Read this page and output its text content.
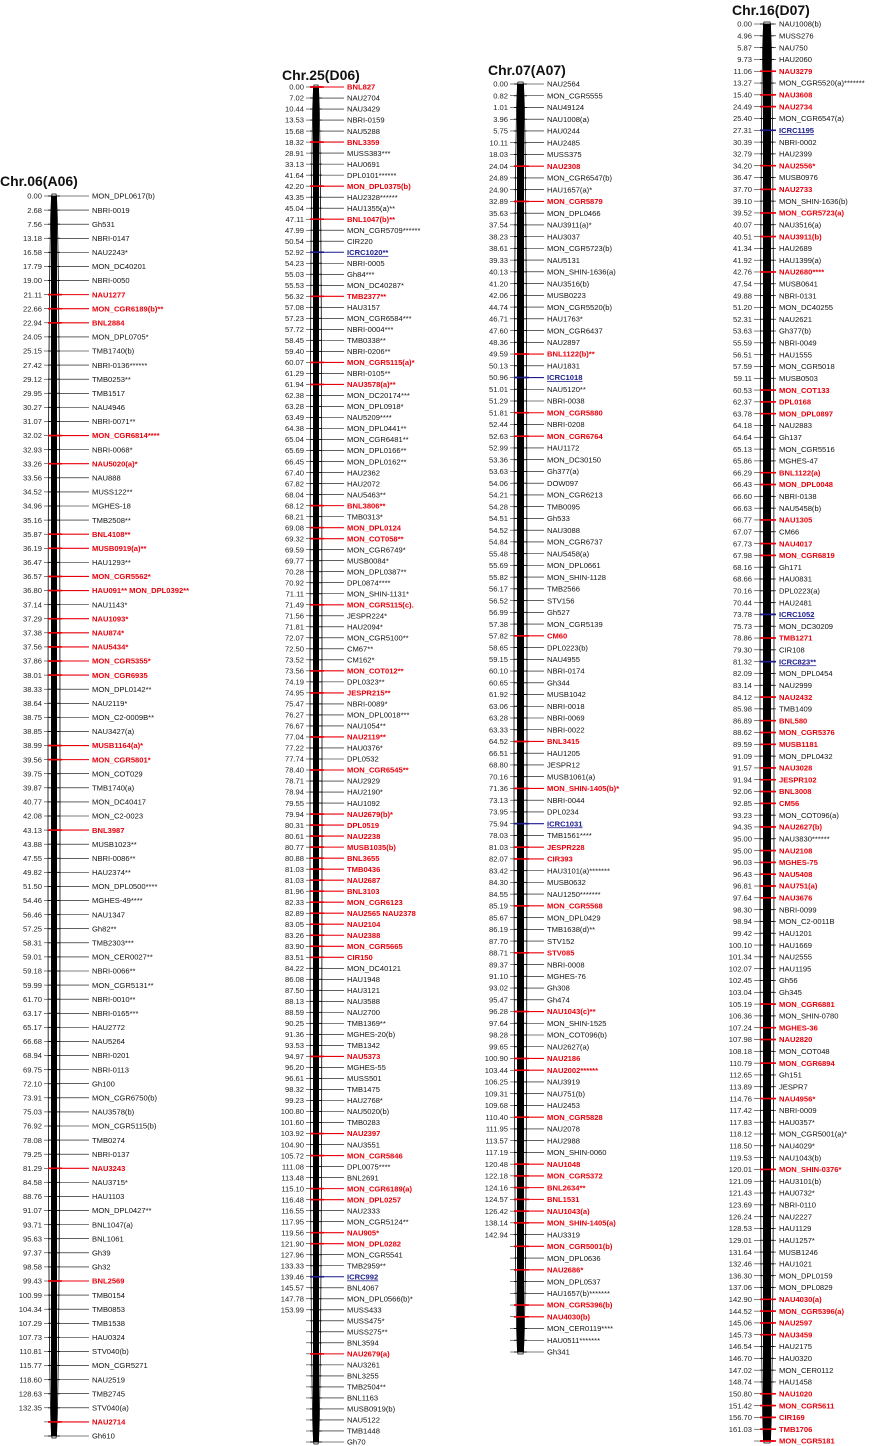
Chr.06(A06)
0.00	MON_DPL0617(b)
2.68	NBRI-0019
7.56	Gh531
13.18	NBRI-0147
16.58	NAU2243*
17.79	MON_DC40201
19.00	NBRI-0050
21.11	NAU1277
22.66	MON_CGR6189(b)**
22.94	BNL2884
24.05	MON_DPL0705*
25.15	TMB1740(b)
27.42	NBRI-0136******
29.12	TMB0253**
29.95	TMB1517
30.27	NAU4946
31.07	NBRI-0071**
32.02	MON_CGR6814****
32.93	NBRI-0068*
33.26	NAU5020(a)*
33.56	NAU888
34.52	MUSS122**
34.96	MGHES-18
35.16	TMB2508**
35.87	BNL4108**
36.19	MUSB0919(a)**
36.47	HAU1293**
36.57	MON_CGR5562*
36.80	HAU091** MON_DPL0392**
37.14	NAU1143*
37.29	NAU1093*
37.38	NAU874*
37.56	NAU5434*
37.86	MON_CGR5355*
38.01	MON_CGR6935
38.33	MON_DPL0142**
38.64	NAU2119*
38.75	MON_C2-0009B**
38.85	NAU3427(a)
38.99	MUSB1164(a)*
39.56	MON_CGR5801*
39.75	MON_COT029
39.87	TMB1740(a)
40.77	MON_DC40417
42.08	MON_C2-0023
43.13	BNL3987
43.88	MUSB1023**
47.55	NBRI-0086**
49.82	HAU2374**
51.50	MON_DPL0500****
54.46	MGHES-49****
56.46	NAU1347
57.25	Gh82**
58.31	TMB2303***
59.01	MON_CER0027**
59.18	NBRI-0066**
59.99	MON_CGR5131**
61.70	NBRI-0010**
63.17	NBRI-0165***
65.17	HAU2772
66.68	NAU5264
68.94	NBRI-0201
69.75	NBRI-0113
72.10	Gh100
73.91	MON_CGR6750(b)
75.03	NAU3578(b)
76.92	MON_CGR5115(b)
78.08	TMB0274
79.25	NBRI-0137
81.29	NAU3243
84.58	NAU3715*
88.76	HAU1103
91.07	MON_DPL0427**
93.71	BNL1047(a)
95.63	BNL1061
97.37	Gh39
98.58	Gh32
99.43	BNL2569
100.99	TMB0154
104.34	TMB0853
107.29	TMB1538
107.73	HAU0324
110.81	STV040(b)
115.77	MON_CGR5271
118.60	NAU2519
128.63	TMB2745
132.35	STV040(a)
NAU2714
Gh610
Chr.25(D06)
0.00	BNL827
7.02	NAU2704
10.44	NAU3429
13.53	NBRI-0159
15.68	NAU5288
18.32	BNL3359
28.91	MUSS383***
33.13	HAU0691
41.64	DPL0101******
42.20	MON_DPL0375(b)
43.35	HAU2328******
45.04	HAU1355(a)**
47.11	BNL1047(b)**
47.99	MON_CGR5709******
50.54	CIR220
52.92	ICRC1020**
54.23	NBRI-0005
55.03	Gh84***
55.53	MON_DC40287*
56.32	TMB2377**
57.08	HAU3157
57.23	MON_CGR6584***
57.72	NBRI-0004***
58.45	TMB0338**
59.40	NBRI-0206**
60.07	MON_CGR5115(a)*
61.29	NBRI-0105**
61.94	NAU3578(a)**
62.38	MON_DC20174***
63.28	MON_DPL0918*
63.49	NAU5209****
64.38	MON_DPL0441**
65.04	MON_CGR6481**
65.69	MON_DPL0166**
66.45	MON_DPL0162**
67.40	HAU2362
67.82	HAU2072
68.04	NAU5463**
68.12	BNL3806**
68.21	TMB0313*
69.08	MON_DPL0124
69.32	MON_COT058**
69.59	MON_CGR6749*
69.77	MUSB0084*
70.28	MON_DPL0387**
70.92	DPL0874****
71.11	MON_SHIN-1131*
71.49	MON_CGR5115(c).
71.56	JESPR224*
71.81	HAU2094*
72.07	MON_CGR5100**
72.50	CM67**
73.52	CM162*
73.56	MON_COT012**
74.19	DPL0323**
74.95	JESPR215**
75.47	NBRI-0089*
76.27	MON_DPL0018***
76.67	NAU1054**
77.04	NAU2119**
77.22	HAU0376*
77.74	DPL0532
78.40	MON_CGR6545**
78.71	NAU2929
78.94	HAU2190*
79.55	HAU1092
79.94	NAU2679(b)*
80.31	DPL0519
80.61	NAU2238
80.77	MUSB1035(b)
80.88	BNL3655
81.03	TMB0436
81.03	NAU2687
81.96	BNL3103
82.33	MON_CGR6123
82.89	NAU2565 NAU2378
83.05	NAU2104
83.26	NAU2388
83.90	MON_CGR5665
83.51	CIR150
84.22	MON_DC40121
86.08	HAU1948
87.50	HAU3121
88.13	NAU3588
88.59	NAU2700
90.25	TMB1369**
91.36	MGHES-20(b)
93.53	TMB1342
94.97	NAU5373
96.20	MGHES-55
96.61	MUSS501
98.32	TMB1475
99.23	HAU2768*
100.80	NAU5020(b)
101.60	TMB0283
103.92	NAU2397
104.90	NAU3551
105.72	MON_CGR5846
111.08	DPL0075****
113.48	BNL2691
115.10	MON_CGR6189(a)
116.48	MON_DPL0257
116.55	NAU2333
117.95	MON_CGR5124**
119.56	NAU905*
121.90	MON_DPL0282
127.96	MON_CGR5541
133.33	TMB2959**
139.46	ICRC992
145.57	BNL4067
147.78	MON_DPL0566(b)*
153.99	MUSS433
MUSS475*
MUSS275**
BNL3594
NAU2679(a)
NAU3261
BNL3255
TMB2504**
BNL1163
MUSB0919(b)
NAU5122
TMB1448
Gh70
Chr.07(A07)
0.00	NAU2564
0.82	MON_CGR5555
1.01	NAU49124
3.96	NAU1008(a)
5.75	HAU0244
10.11	HAU2485
18.03	MUSS375
24.04	NAU2308
24.89	MON_CGR6547(b)
24.90	HAU1657(a)*
32.89	MON_CGR5879
35.63	MON_DPL0466
37.54	NAU3911(a)*
38.23	HAU3037
38.61	MON_CGR5723(b)
39.33	NAU5131
40.13	MON_SHIN-1636(a)
41.20	NAU3516(b)
42.06	MUSB0223
44.74	MON_CGR5520(b)
46.71	HAU1763*
47.60	MON_CGR6437
48.36	NAU2897
49.59	BNL1122(b)**
50.13	HAU1831
50.96	ICRC1018
51.01	NAU5120**
51.29	NBRI-0038
51.81	MON_CGR5880
52.44	NBRI-0208
52.63	MON_CGR6764
52.99	HAU1172
53.36	MON_DC30150
53.63	Gh377(a)
54.06	DOW097
54.21	MON_CGR6213
54.28	TMB0095
54.51	Gh533
54.52	NAU3088
54.84	MON_CGR6737
55.48	NAU5458(a)
55.69	MON_DPL0661
55.82	MON_SHIN-1128
56.17	TMB2566
56.52	STV156
56.99	Gh527
57.38	MON_CGR5139
57.82	CM60
58.65	DPL0223(b)
59.15	NAU4955
60.10	NBRI-0174
60.65	Gh344
61.92	MUSB1042
63.06	NBRI-0018
63.28	NBRI-0069
63.33	NBRI-0022
64.52	BNL3415
66.51	HAU1205
68.80	JESPR12
70.16	MUSB1061(a)
71.36	MON_SHIN-1405(b)*
73.13	NBRI-0044
73.95	DPL0234
75.94	ICRC1031
78.03	TMB1561****
81.03	JESPR228
82.07	CIR393
83.42	HAU3101(a)*******
84.30	MUSB0632
84.55	NAU1250*******
85.19	MON_CGR5568
85.67	MON_DPL0429
86.19	TMB1638(d)**
87.70	STV152
88.71	STV085
89.37	NBRI-0008
91.10	MGHES-76
93.02	Gh308
95.47	Gh474
96.28	NAU1043(c)**
97.64	MON_SHIN-1525
98.28	MON_COT096(b)
99.65	NAU2627(a)
100.90	NAU2186
103.44	NAU2002******
106.25	NAU3919
109.31	NAU751(b)
109.68	HAU2453
110.40	MON_CGR5828
111.95	NAU2078
113.57	HAU2988
117.19	MON_SHIN-0060
120.48	NAU1048
122.18	MON_CGR5372
124.16	BNL2634**
124.57	BNL1531
126.42	NAU1043(a)
138.14	MON_SHIN-1405(a)
142.94	HAU3319
MON_CGR5001(b)
MON_DPL0636
NAU2686*
MON_DPL0537
HAU1657(b)*******
MON_CGR5396(b)
NAU4030(b)
MON_CER0119****
HAU0511*******
Gh341
Chr.16(D07)
0.00	NAU1008(b)
4.96	MUSS276
5.87	NAU750
9.73	HAU2060
11.06	NAU3279
13.27	MON_CGR5520(a)*******
15.40	NAU3608
24.49	NAU2734
25.40	MON_CGR6547(a)
27.31	ICRC1195
30.39	NBRI-0002
32.79	HAU2399
34.20	NAU2556*
36.47	MUSB0976
37.70	NAU2733
39.10	MON_SHIN-1636(b)
39.52	MON_CGR5723(a)
40.07	NAU3516(a)
40.51	NAU3911(b)
41.34	HAU2689
41.92	HAU1399(a)
42.76	NAU2680****
47.54	MUSB0641
49.88	NBRI-0131
51.20	MON_DC40255
52.31	NAU2621
53.63	Gh377(b)
55.59	NBRI-0049
56.51	HAU1555
57.59	MON_CGR5018
59.11	MUSB0503
60.53	MON_COT133
62.37	DPL0168
63.78	MON_DPL0897
64.18	NAU2883
64.64	Gh137
65.13	MON_CGR5516
65.86	MGHES-47
66.29	BNL1122(a)
66.43	MON_DPL0048
66.60	NBRI-0138
66.63	NAU5458(b)
66.77	NAU1305
67.07	CM66
67.73	NAU4017
67.98	MON_CGR6819
68.16	Gh171
68.66	HAU0831
70.16	DPL0223(a)
70.44	HAU2481
73.78	ICRC1052
75.73	MON_DC30209
78.86	TMB1271
79.30	CIR108
81.32	ICRC823**
82.09	MON_DPL0454
83.14	NAU2999
84.12	NAU2432
85.98	TMB1409
86.89	BNL580
88.62	MON_CGR5376
89.59	MUSB1181
91.09	MON_DPL0432
91.57	NAU3028
91.94	JESPR102
92.06	BNL3008
92.85	CM56
93.23	MON_COT096(a)
94.35	NAU2627(b)
95.00	NAU3830******
95.00	NAU2108
96.03	MGHES-75
96.43	NAU5408
96.81	NAU751(a)
97.64	NAU3676
98.30	NBRI-0099
98.94	MON_C2-0011B
99.42	HAU1201
100.10	HAU1669
101.34	NAU2555
102.07	HAU1195
102.45	Gh56
103.04	Gh345
105.19	MON_CGR6881
106.36	MON_SHIN-0780
107.24	MGHES-36
107.98	NAU2820
108.18	MON_COT048
110.79	MON_CGR6894
112.65	Gh151
113.89	JESPR7
114.76	NAU4956*
117.42	NBRI-0009
117.83	HAU0357*
118.12	MON_CGR5001(a)*
118.50	NAU4029*
119.53	NAU1043(b)
120.01	MON_SHIN-0376*
121.09	HAU3101(b)
121.43	HAU0732*
123.69	NBRI-0110
126.24	NAU2227
128.53	HAU1129
129.01	HAU1257*
131.64	MUSB1246
132.46	HAU1021
136.30	MON_DPL0159
137.06	MON_DPL0829
142.90	NAU4030(a)
144.52	MON_CGR5396(a)
145.06	NAU2597
145.73	NAU3459
146.54	HAU2175
146.70	HAU0320
147.02	MON_CER0112
148.74	HAU1458
150.80	NAU1020
151.42	MON_CGR5611
156.70	CIR169
161.03	TMB1706
MON_CGR5181
